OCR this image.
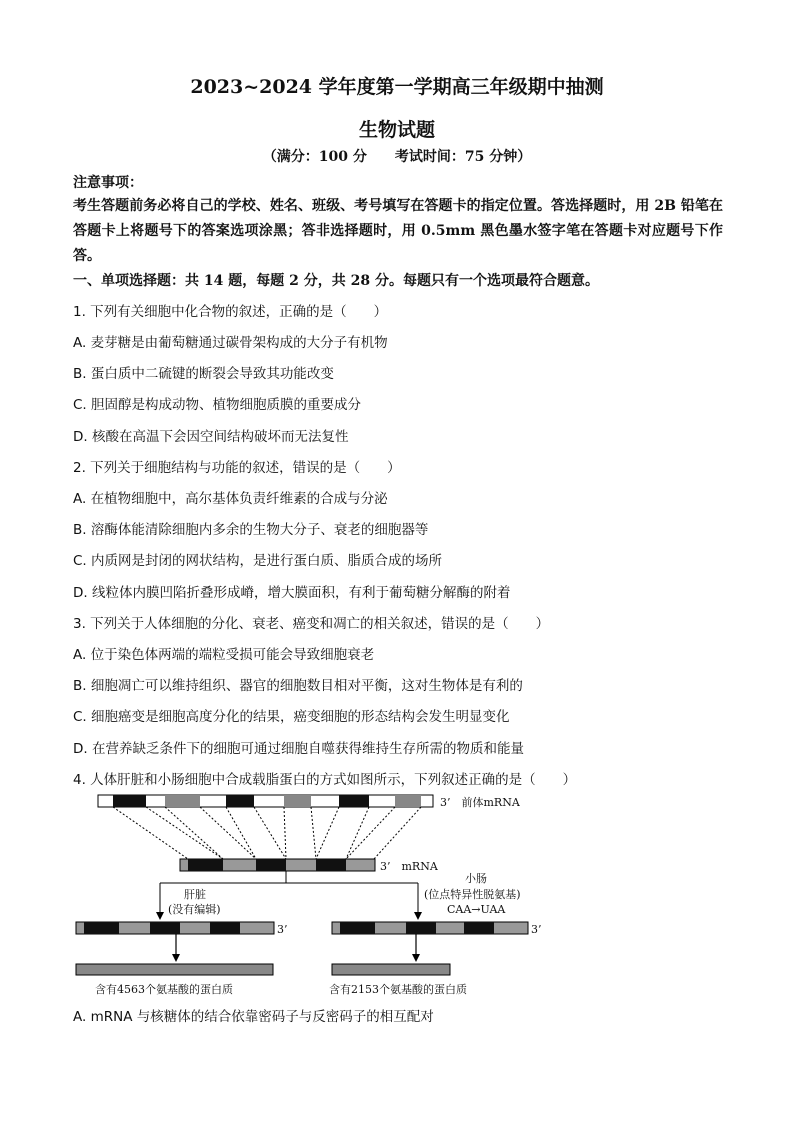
2023~2024 学年度第一学期高三年级期中抽测
生物试题
（满分：100 分　　考试时间：75 分钟）
注意事项：
考生答题前务必将自己的学校、姓名、班级、考号填写在答题卡的指定位置。答选择题时，用 2B 铅笔在答题卡上将题号下的答案选项涂黑；答非选择题时，用 0.5mm 黑色墨水签字笔在答题卡对应题号下作答。
一、单项选择题：共 14 题，每题 2 分，共 28 分。每题只有一个选项最符合题意。
1. 下列有关细胞中化合物的叙述，正确的是（　　）
A. 麦芽糖是由葡萄糖通过碳骨架构成的大分子有机物
B. 蛋白质中二硫键的断裂会导致其功能改变
C. 胆固醇是构成动物、植物细胞质膜的重要成分
D. 核酸在高温下会因空间结构破坏而无法复性
2. 下列关于细胞结构与功能的叙述，错误的是（　　）
A. 在植物细胞中，高尔基体负责纤维素的合成与分泌
B. 溶酶体能清除细胞内多余的生物大分子、衰老的细胞器等
C. 内质网是封闭的网状结构，是进行蛋白质、脂质合成的场所
D. 线粒体内膜凹陷折叠形成嵴，增大膜面积，有利于葡萄糖分解酶的附着
3. 下列关于人体细胞的分化、衰老、癌变和凋亡的相关叙述，错误的是（　　）
A. 位于染色体两端的端粒受损可能会导致细胞衰老
B. 细胞凋亡可以维持组织、器官的细胞数目相对平衡，这对生物体是有利的
C. 细胞癌变是细胞高度分化的结果，癌变细胞的形态结构会发生明显变化
D. 在营养缺乏条件下的细胞可通过细胞自噬获得维持生存所需的物质和能量
4. 人体肝脏和小肠细胞中合成载脂蛋白的方式如图所示，下列叙述正确的是（　　）
3’　前体mRNA
3’　mRNA
肝脏
(没有编辑)
小肠
(位点特异性脱氨基)
CAA→UAA
3’	3’
含有4563个氨基酸的蛋白质	含有2153个氨基酸的蛋白质
A. mRNA 与核糖体的结合依靠密码子与反密码子的相互配对
